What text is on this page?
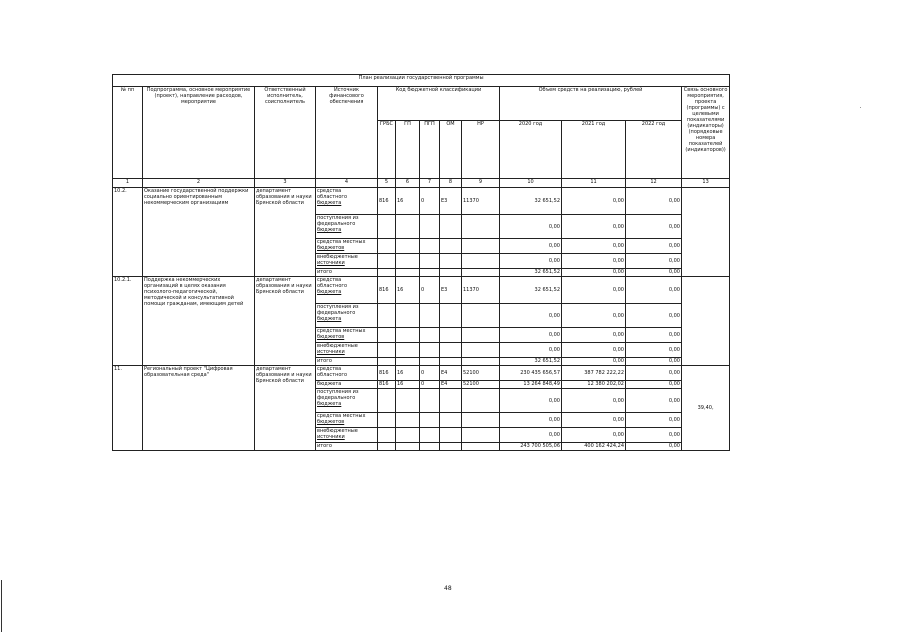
План реализации государственной программы												
№ пп	Подпрограмма, основное мероприятие (проект), направление расходов, мероприятие	Ответственный исполнитель, соисполнитель	Источник финансового обеспечения	Код бюджетной классификации					Объем средств на реализацию, рублей			Связь основного мероприятия, проекта (программы) с целевыми показателями (индикаторы) (порядковые номера показателей (индикаторов))
				ГРБС	ГП	ПГП	ОМ	НР	2020 год	2021 год	2022 год	
1	2	3	4	5	6	7	8	9	10	11	12	13
10.2.	Оказание государственной поддержки социально ориентированным некоммерческим организациям	департамент образования и науки Брянской области	средства
областного
бюджета	816	16	0	Е3	11370	32 651,52	0,00	0,00	
			поступления из
федерального
бюджета						0,00	0,00	0,00	
			средства местных
бюджетов						0,00	0,00	0,00	
			внебюджетные
источники						0,00	0,00	0,00	
			итого						32 651,52	0,00	0,00	
10.2.1.	Поддержка некоммерческих организаций в целях оказания психолого-педагогической, методической и консультативной помощи гражданам, имеющим детей	департамент образования и науки Брянской области	средства
областного
бюджета	816	16	0	Е3	11370	32 651,52	0,00	0,00	
			поступления из
федерального
бюджета						0,00	0,00	0,00	
			средства местных
бюджетов						0,00	0,00	0,00	
			внебюджетные
источники						0,00	0,00	0,00	
			итого						32 651,52	0,00	0,00	
11.	Региональный проект "Цифровая образовательная среда"	департамент образования и науки Брянской области	средства
областного	816	16	0	Е4	52100	230 435 656,57	387 782 222,22	0,00	39,40,
			бюджета	816	16	0	Е4	52100	13 264 848,49	12 380 202,02	0,00	
			поступления из
федерального
бюджета						0,00	0,00	0,00	
			средства местных
бюджетов						0,00	0,00	0,00	
			внебюджетные
источники						0,00	0,00	0,00	
			итого						243 700 505,06	400 162 424,24	0,00	
48
